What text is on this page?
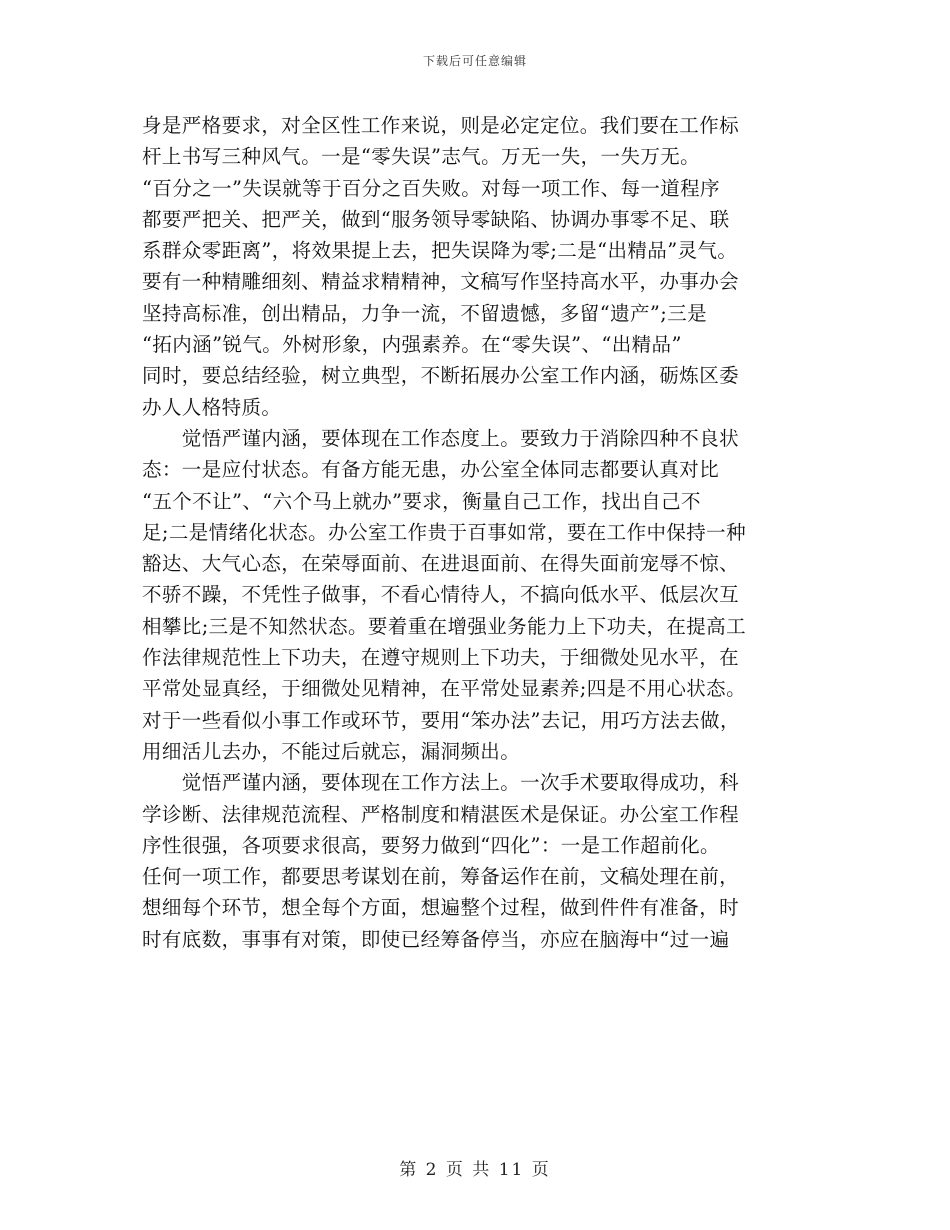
下载后可任意编辑
身是严格要求，对全区性工作来说，则是必定定位。我们要在工作标
杆上书写三种风气。一是“零失误”志气。万无一失，一失万无。
“百分之一”失误就等于百分之百失败。对每一项工作、每一道程序
都要严把关、把严关，做到“服务领导零缺陷、协调办事零不足、联
系群众零距离”，将效果提上去，把失误降为零;二是“出精品”灵气。
要有一种精雕细刻、精益求精精神，文稿写作坚持高水平，办事办会
坚持高标准，创出精品，力争一流，不留遗憾，多留“遗产”;三是
“拓内涵”锐气。外树形象，内强素养。在“零失误”、“出精品”
同时，要总结经验，树立典型，不断拓展办公室工作内涵，砺炼区委
办人人格特质。
　　觉悟严谨内涵，要体现在工作态度上。要致力于消除四种不良状
态：一是应付状态。有备方能无患，办公室全体同志都要认真对比
“五个不让”、“六个马上就办”要求，衡量自己工作，找出自己不
足;二是情绪化状态。办公室工作贵于百事如常，要在工作中保持一种
豁达、大气心态，在荣辱面前、在进退面前、在得失面前宠辱不惊、
不骄不躁，不凭性子做事，不看心情待人，不搞向低水平、低层次互
相攀比;三是不知然状态。要着重在增强业务能力上下功夫，在提高工
作法律规范性上下功夫，在遵守规则上下功夫，于细微处见水平，在
平常处显真经，于细微处见精神，在平常处显素养;四是不用心状态。
对于一些看似小事工作或环节，要用“笨办法”去记，用巧方法去做，
用细活儿去办，不能过后就忘，漏洞频出。
　　觉悟严谨内涵，要体现在工作方法上。一次手术要取得成功，科
学诊断、法律规范流程、严格制度和精湛医术是保证。办公室工作程
序性很强，各项要求很高，要努力做到“四化”：一是工作超前化。
任何一项工作，都要思考谋划在前，筹备运作在前，文稿处理在前，
想细每个环节，想全每个方面，想遍整个过程，做到件件有准备，时
时有底数，事事有对策，即使已经筹备停当，亦应在脑海中“过一遍
第 2 页 共 11 页
